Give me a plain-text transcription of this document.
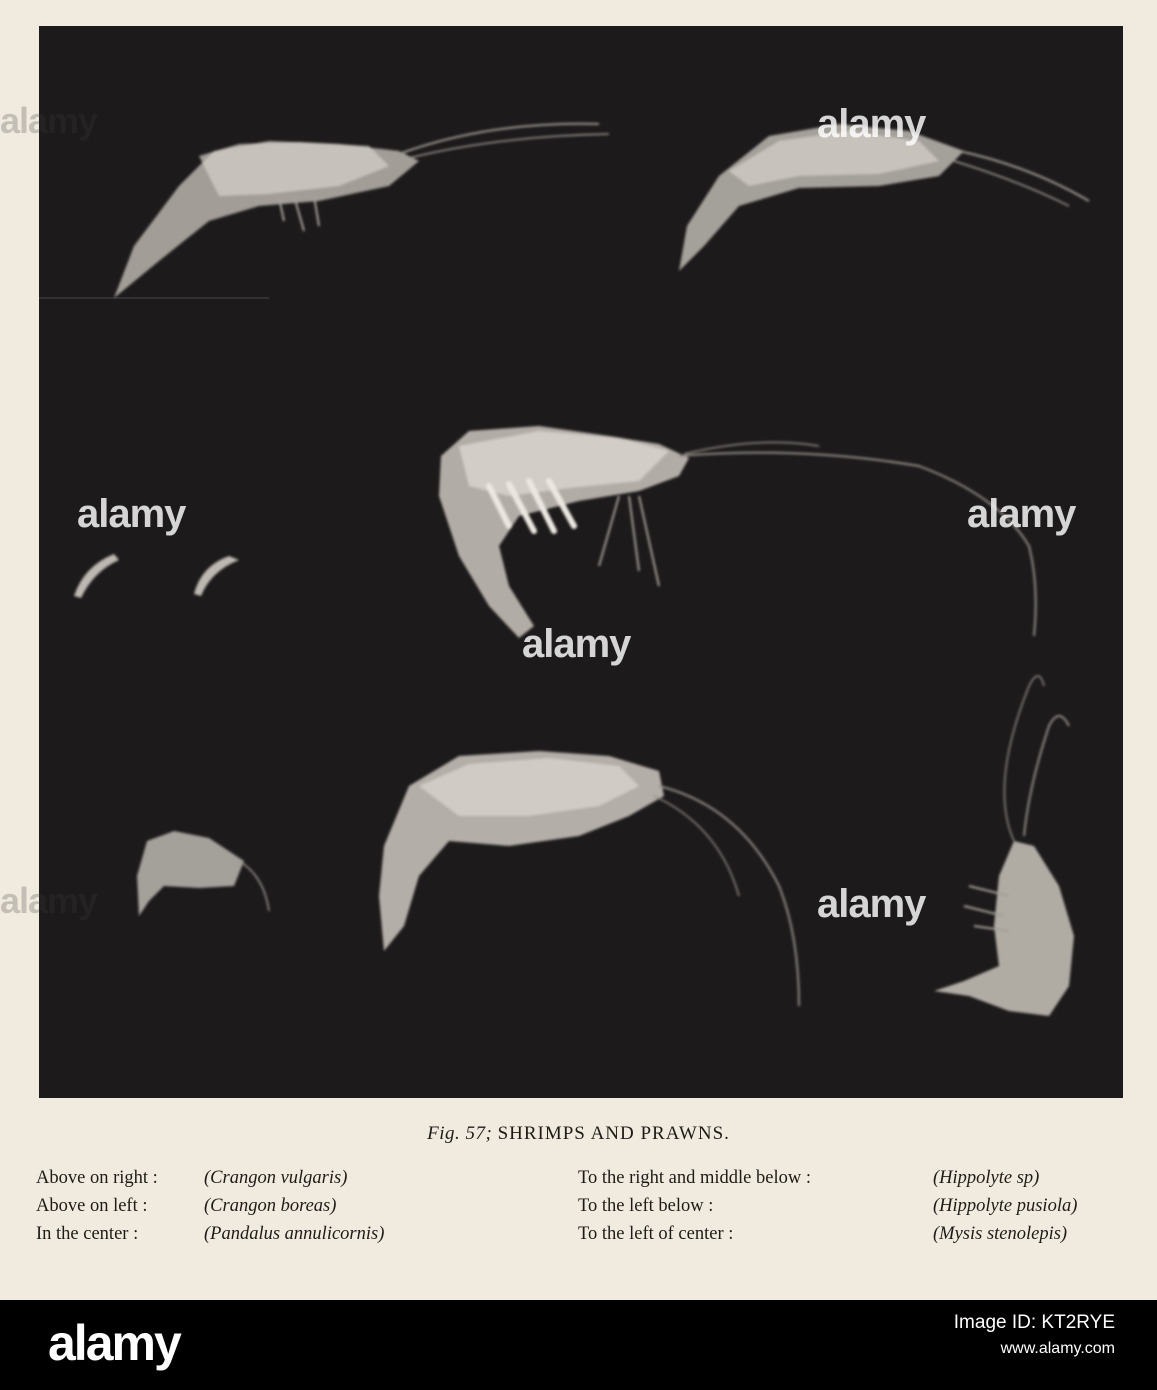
alamy
alamy
alamy
alamy
alamy
Fig. 57; SHRIMPS AND PRAWNS.
Above on right : (Crangon vulgaris)
Above on left :	(Crangon boreas)
In the center :	(Pandalus annulicornis)
To the right and middle below :	(Hippolyte sp)
To the left below :	(Hippolyte pusiola)
To the left of center :	(Mysis stenolepis)
alamy
alamy
alamy	Image ID: KT2RYE
www.alamy.com
